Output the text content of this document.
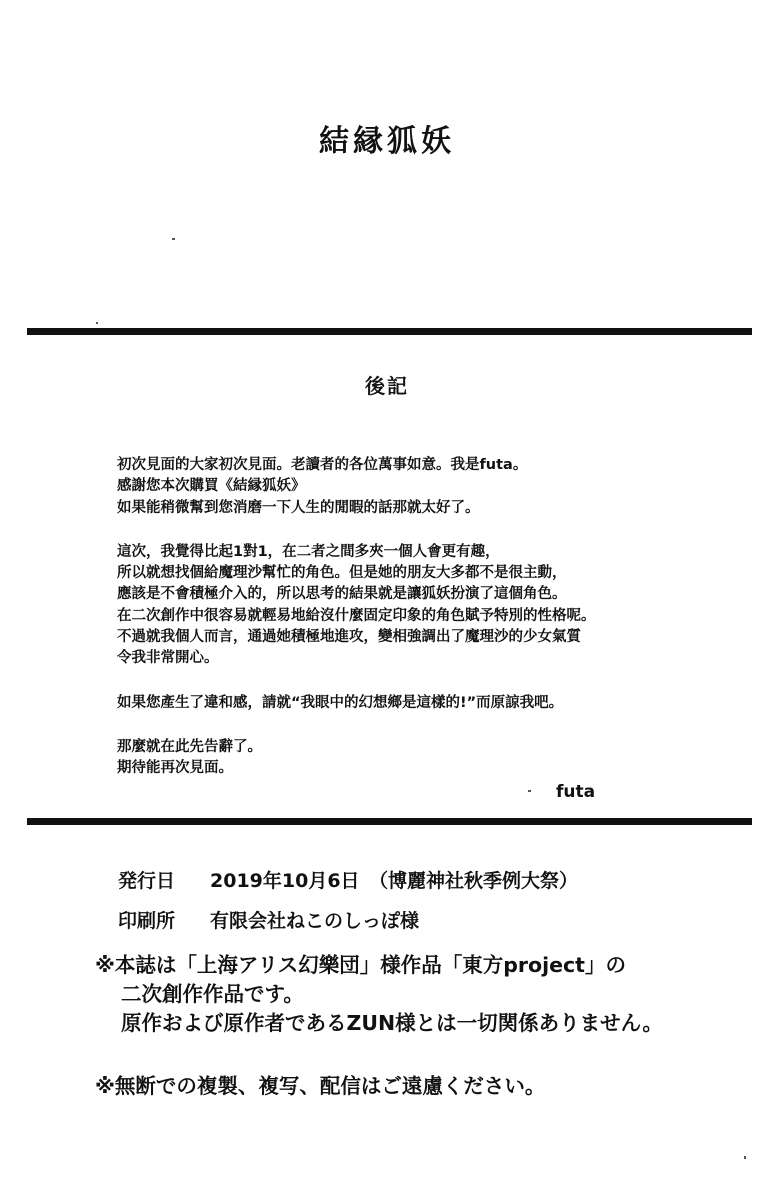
結縁狐妖
後記
初次見面的大家初次見面。老讀者的各位萬事如意。我是futa。
感謝您本次購買《結縁狐妖》
如果能稍微幫到您消磨一下人生的閒暇的話那就太好了。
這次，我覺得比起1對1，在二者之間多夾一個人會更有趣，
所以就想找個給魔理沙幫忙的角色。但是她的朋友大多都不是很主動，
應該是不會積極介入的，所以思考的結果就是讓狐妖扮演了這個角色。
在二次創作中很容易就輕易地給沒什麼固定印象的角色賦予特別的性格呢。
不過就我個人而言，通過她積極地進攻，變相強調出了魔理沙的少女氣質
令我非常開心。
如果您產生了違和感，請就“我眼中的幻想鄉是這樣的!”而原諒我吧。
那麼就在此先告辭了。
期待能再次見面。
futa
発行日 2019年10月6日　（博麗神社秋季例大祭）
印刷所 有限会社ねこのしっぽ様
※本誌は「上海アリス幻樂団」様作品「東方project」の
二次創作作品です。
原作および原作者であるZUN様とは一切関係ありません。
※無断での複製、複写、配信はご遠慮ください。
